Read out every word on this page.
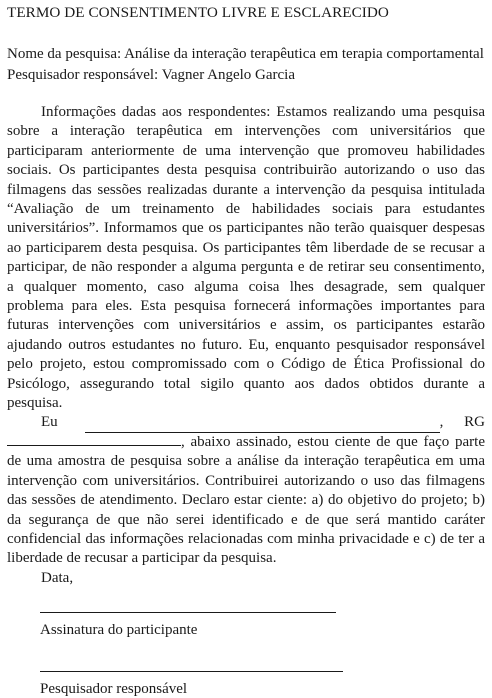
TERMO DE CONSENTIMENTO LIVRE E ESCLARECIDO
Nome da pesquisa: Análise da interação terapêutica em terapia comportamental
Pesquisador responsável: Vagner Angelo Garcia

Informações dadas aos respondentes: Estamos realizando uma pesquisa sobre a interação terapêutica em intervenções com universitários que participaram anteriormente de uma intervenção que promoveu habilidades sociais. Os participantes desta pesquisa contribuirão autorizando o uso das filmagens das sessões realizadas durante a intervenção da pesquisa intitulada “Avaliação de um treinamento de habilidades sociais para estudantes universitários”. Informamos que os participantes não terão quaisquer despesas ao participarem desta pesquisa. Os participantes têm liberdade de se recusar a participar, de não responder a alguma pergunta e de retirar seu consentimento, a qualquer momento, caso alguma coisa lhes desagrade, sem qualquer problema para eles. Esta pesquisa fornecerá informações importantes para futuras intervenções com universitários e assim, os participantes estarão ajudando outros estudantes no futuro. Eu, enquanto pesquisador responsável pelo projeto, estou compromissado com o Código de Ética Profissional do Psicólogo, assegurando total sigilo quanto aos dados obtidos durante a pesquisa.

Eu	, RG

, abaixo assinado, estou ciente de que faço parte de uma amostra de pesquisa sobre a análise da interação terapêutica em uma intervenção com universitários. Contribuirei autorizando o uso das filmagens das sessões de atendimento. Declaro estar ciente: a) do objetivo do projeto; b) da segurança de que não serei identificado e de que será mantido caráter confidencial das informações relacionadas com minha privacidade e c) de ter a liberdade de recusar a participar da pesquisa.

Data,
Assinatura do participante
Pesquisador responsável
